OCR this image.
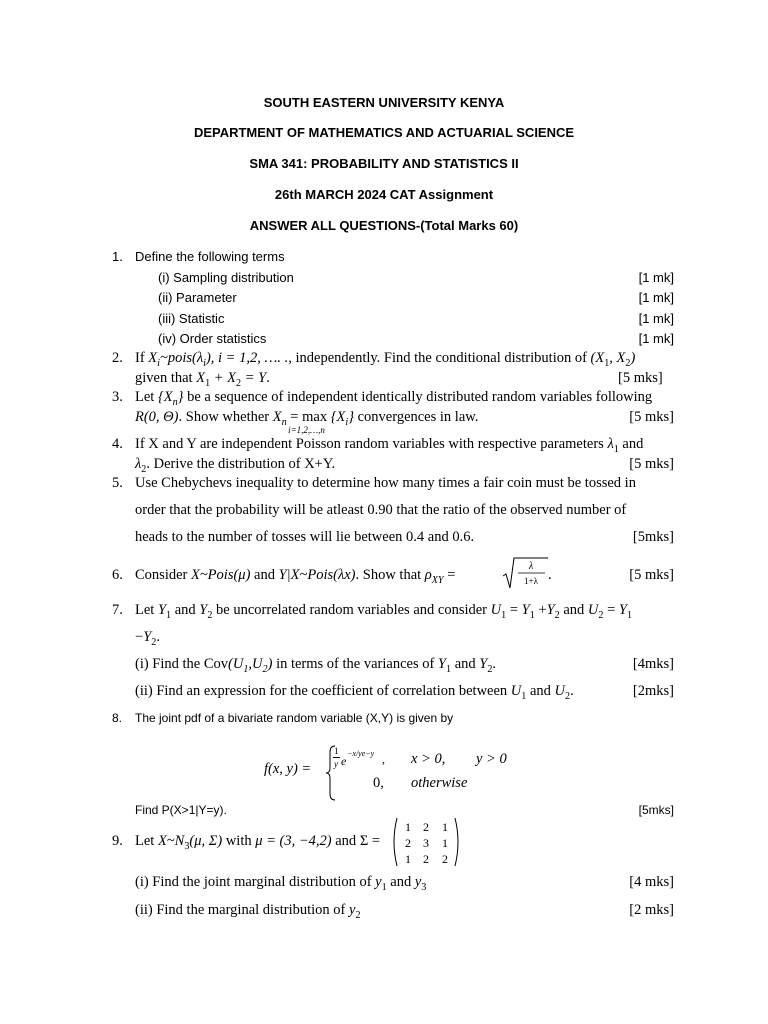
SOUTH EASTERN UNIVERSITY KENYA
DEPARTMENT OF MATHEMATICS AND ACTUARIAL SCIENCE
SMA 341: PROBABILITY AND STATISTICS II
26th MARCH 2024 CAT Assignment
ANSWER ALL QUESTIONS-(Total Marks 60)
1. Define the following terms
(i) Sampling distribution	[1 mk]
(ii) Parameter	[1 mk]
(iii) Statistic	[1 mk]
(iv) Order statistics	[1 mk]
2. If $X_i\sim pois(\lambda_i)$, i = 1,2, …. ., independently. Find the conditional distribution of ($X_1$, $X_2$)
given that $X_1 + X_2 = Y$.	[5 mks]
3. Let $\{X_n\}$ be a sequence of independent identically distributed random variables following
R(0, Θ). Show whether $X_n = \max$
i=1,2,…,n
$\{X_i\}$ convergences in law.	[5 mks]
4. If X and Y are independent Poisson random variables with respective parameters $\lambda_1$ and
$\lambda_2$. Derive the distribution of X+Y.	[5 mks]
5. Use Chebychevs inequality to determine how many times a fair coin must be tossed in
order that the probability will be atleast 0.90 that the ratio of the observed number of
heads to the number of tosses will lie between 0.4 and 0.6.	[5mks]
6. Consider X~Pois(μ) and Y|X~Pois(λx). Show that $\rho_{XY}$ =
λ
1+λ .	[5 mks]
7. Let $Y_1$ and $Y_2$ be uncorrelated random variables and consider $U_1 = Y_1 +Y_2$ and $U_2 = Y_1$
$-Y_2$.
(i) Find the $Cov(U_1,U_2)$ in terms of the variances of $Y_1$ and $Y_2$.	[4mks]
(ii) Find an expression for the coefficient of correlation between $U_1$ and $U_2$.	[2mks]
8. The joint pdf of a bivariate random variable (X,Y) is given by
f(x, y) =
1
y e
−x/ye−y , x > 0, y > 0
0, otherwise
Find P(X>1|Y=y).	[5mks]
9. Let $X\sim N_3(\mu$, Σ) with μ = (3, −4,2) and Σ =
1 2 1
2 3 1
1 2 2
(i) Find the joint marginal distribution of $y_1$ and $y_3$	[4 mks]
(ii) Find the marginal distribution of $y_2$	[2 mks]
